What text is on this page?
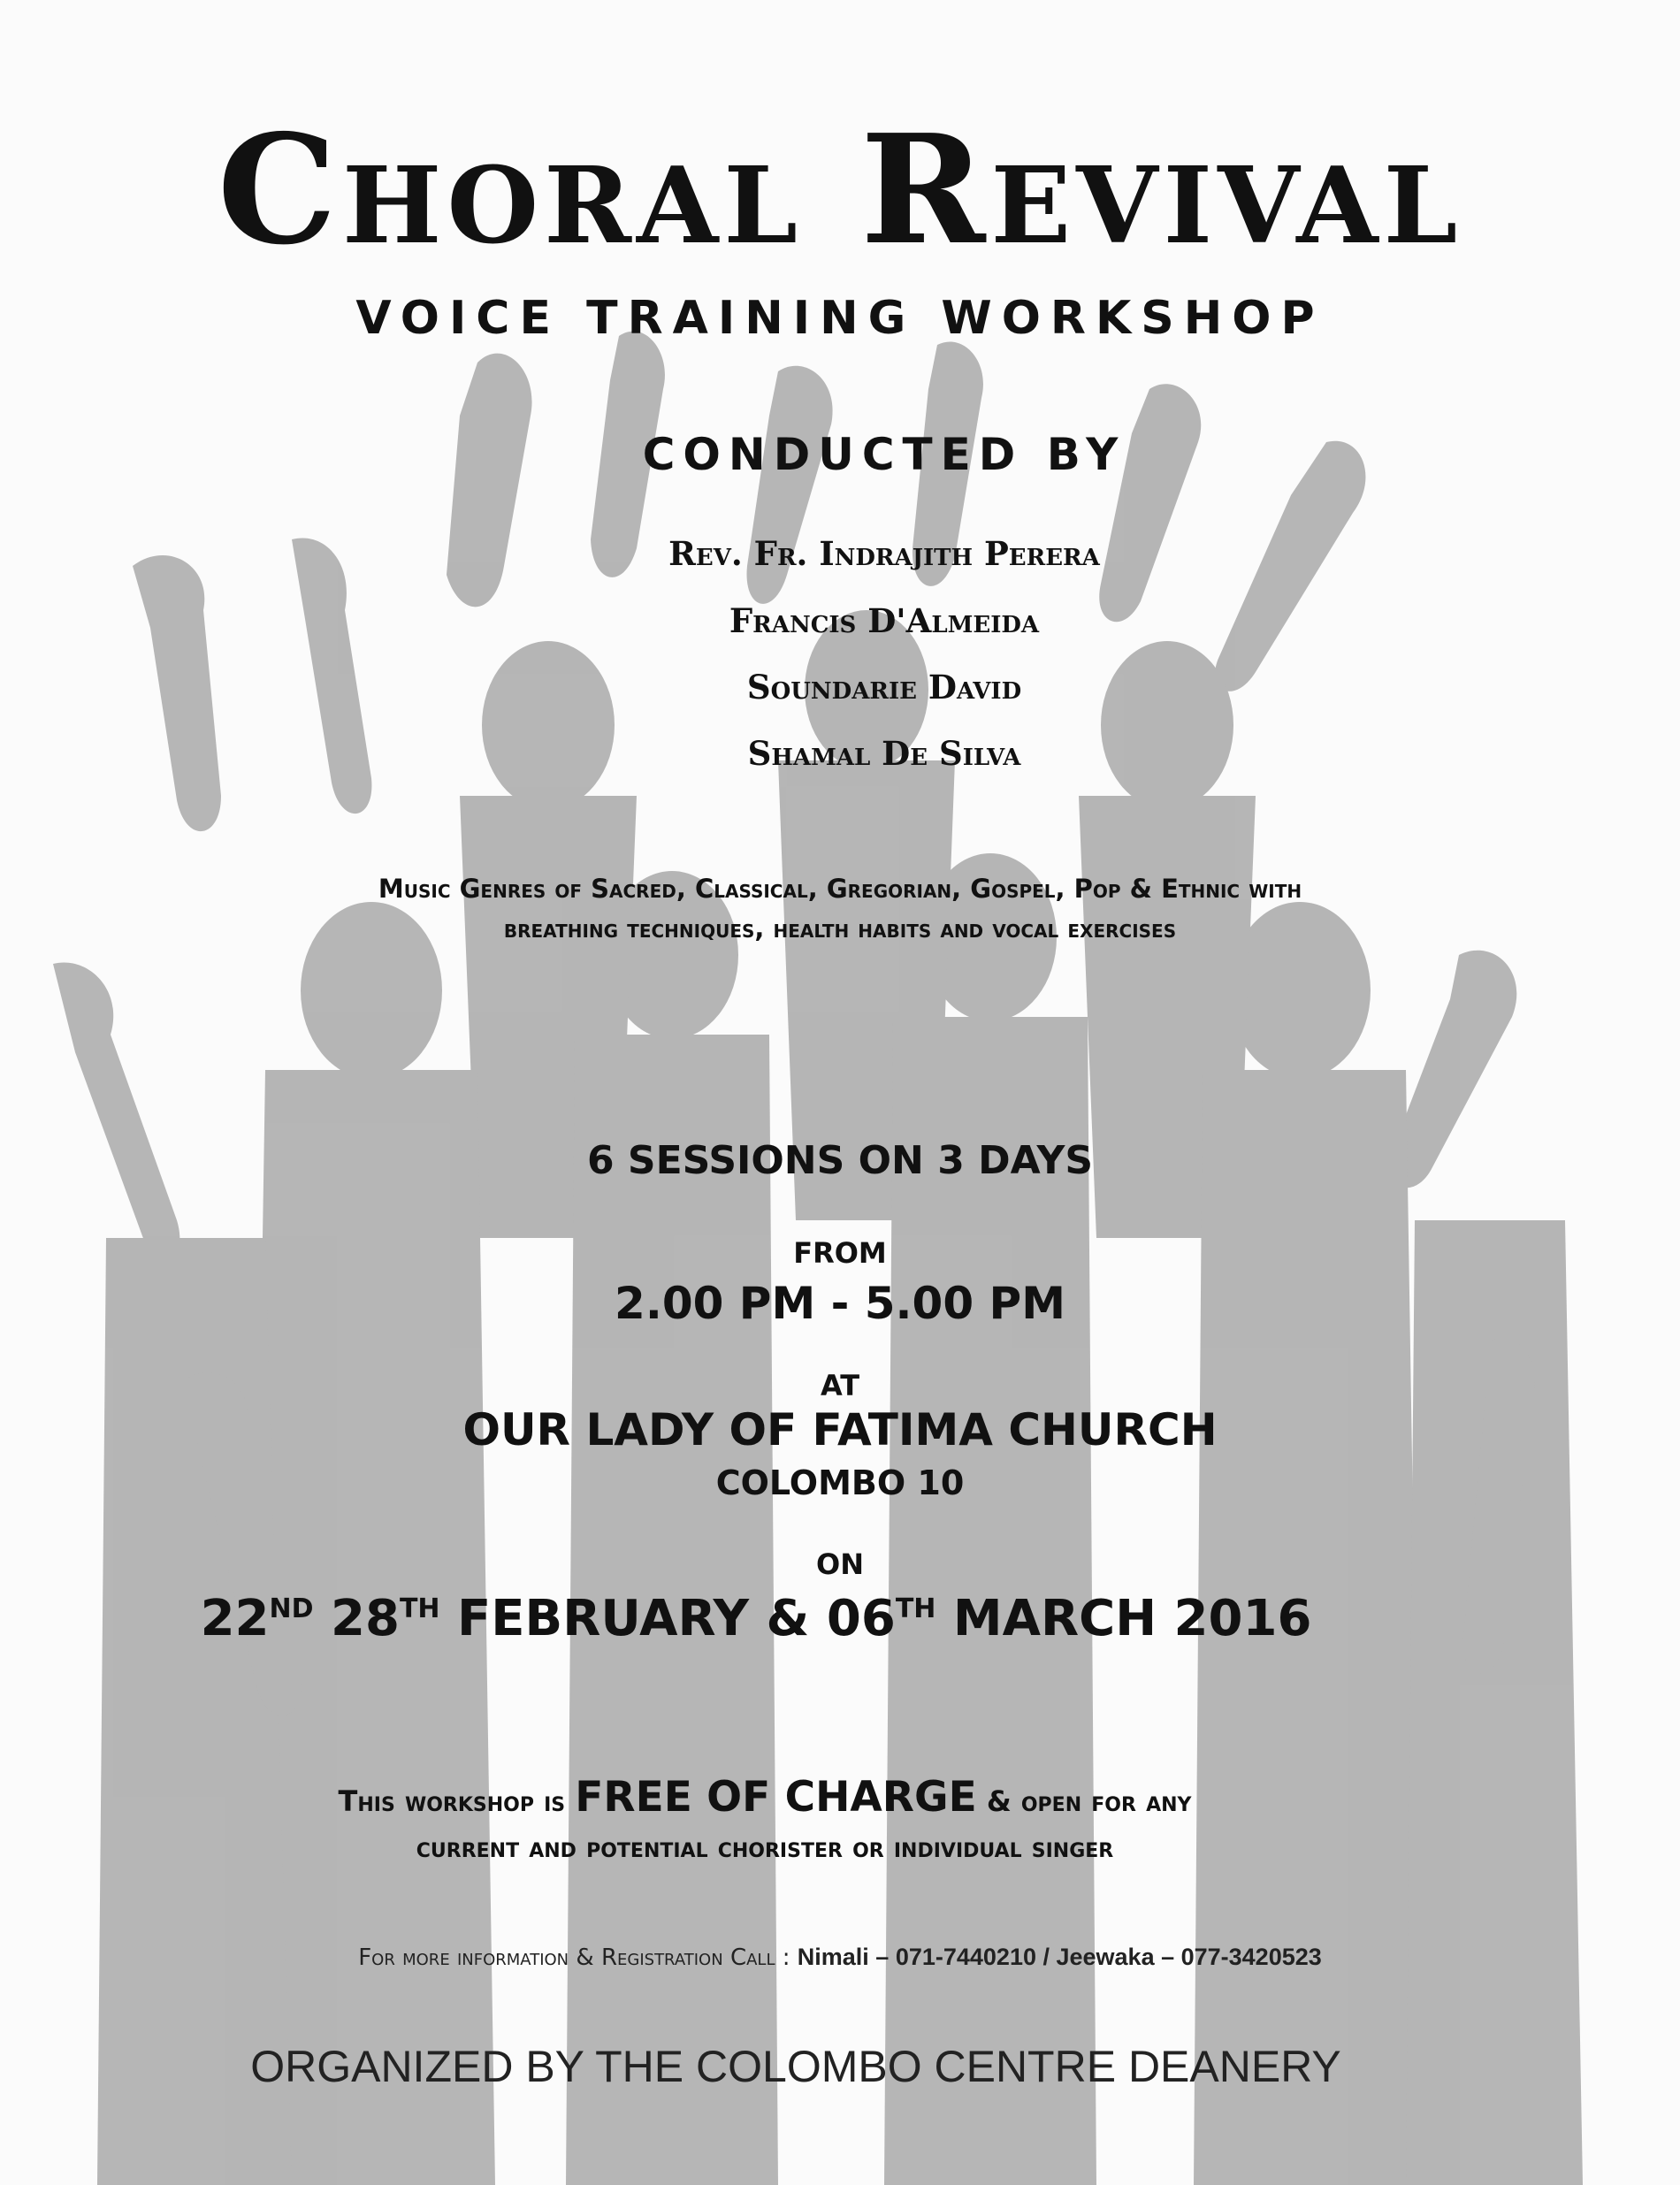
Choral Revival
VOICE TRAINING WORKSHOP
CONDUCTED BY
Rev. Fr. Indrajith Perera
Francis D'Almeida
Soundarie David
Shamal De Silva
Music Genres of Sacred, Classical, Gregorian, Gospel, Pop & Ethnic with
breathing techniques, health habits and vocal exercises
6 SESSIONS ON 3 DAYS
FROM
2.00 PM - 5.00 PM
AT
OUR LADY OF FATIMA CHURCH
COLOMBO 10
ON
22ND 28TH FEBRUARY & 06TH MARCH 2016
This workshop is FREE OF CHARGE & open for any
current and potential chorister or individual singer
For more information & Registration Call : Nimali – 071-7440210 / Jeewaka – 077-3420523
ORGANIZED BY THE COLOMBO CENTRE DEANERY
